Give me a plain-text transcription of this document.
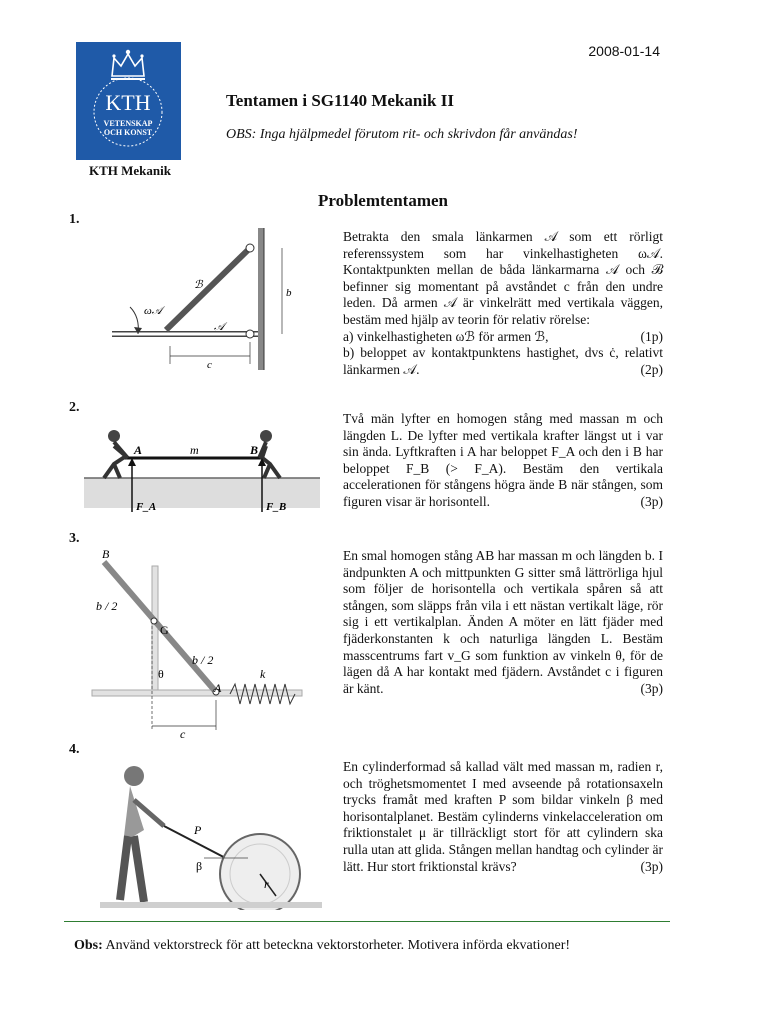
KTH
VETENSKAP
OCH KONST
KTH Mekanik
2008-01-14
Tentamen i SG1140 Mekanik II
OBS: Inga hjälpmedel förutom rit- och skrivdon får användas!
Problemtentamen
1.
ω𝒜
ℬ
𝒜
c
b

Betrakta den smala länkarmen 𝒜 som ett rörligt referenssystem som har vinkelhastigheten ω𝒜. Kontaktpunkten mellan de båda länkarmarna 𝒜 och ℬ befinner sig momentant på avståndet c från den undre leden. Då armen 𝒜 är vinkelrätt med vertikala väggen, bestäm med hjälp av teorin för relativ rörelse:

a) vinkelhastigheten ωℬ för armen ℬ,	(1p)

b) beloppet av kontaktpunktens hastighet, dvs ċ, relativt länkarmen 𝒜.	(2p)

2.
A	m	B
F_A	F_B

Två män lyfter en homogen stång med massan m och längden L. De lyfter med vertikala krafter längst ut i var sin ända. Lyftkraften i A har beloppet F_A och den i B har beloppet F_B (> F_A). Bestäm den vertikala accelerationen för stångens högra ände B när stången, som figuren visar är horisontell.	(3p)

3.
B
b / 2
G
b / 2
θ
A
k
c

En smal homogen stång AB har massan m och längden b. I ändpunkten A och mittpunkten G sitter små lättrörliga hjul som följer de horisontella och vertikala spåren så att stången, som släpps från vila i ett nästan vertikalt läge, rör sig i ett vertikalplan. Änden A möter en lätt fjäder med fjäderkonstanten k och naturliga längden L. Bestäm masscentrums fart v_G som funktion av vinkeln θ, för de lägen då A har kontakt med fjädern. Avståndet c i figuren är känt.	(3p)

4.
P
β
r

En cylinderformad så kallad vält med massan m, radien r, och tröghetsmomentet I med avseende på rotationsaxeln trycks framåt med kraften P som bildar vinkeln β med horisontalplanet. Bestäm cylinderns vinkelacceleration om friktionstalet μ är tillräckligt stort för att cylindern ska rulla utan att glida. Stången mellan handtag och cylinder är lätt. Hur stort friktionstal krävs?	(3p)

Obs: Använd vektorstreck för att beteckna vektorstorheter. Motivera införda ekvationer!
